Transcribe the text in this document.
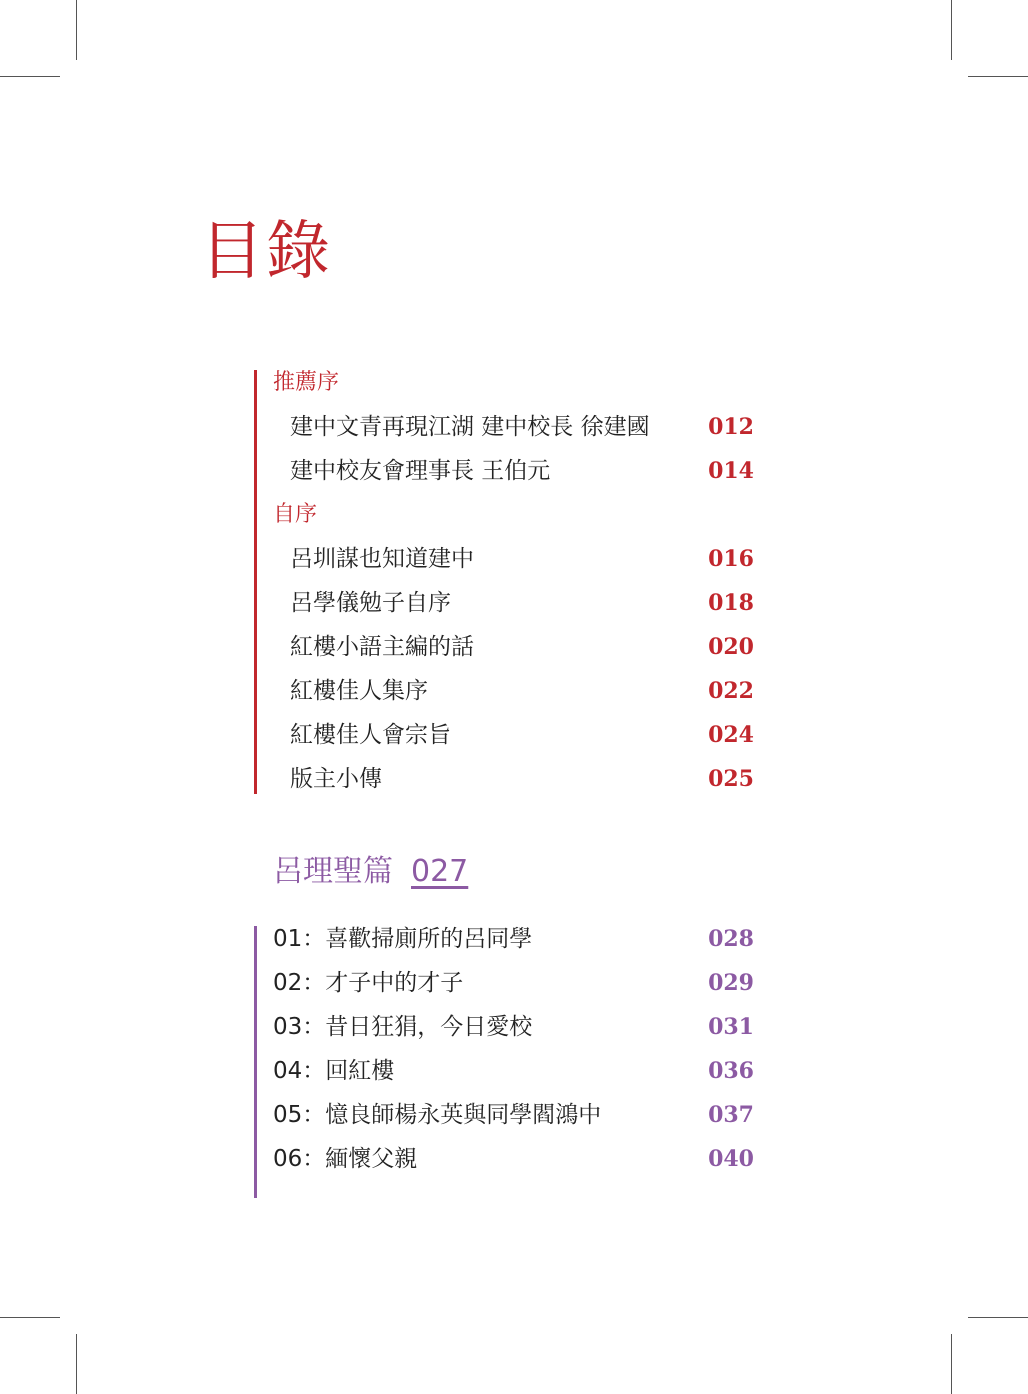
目錄
推薦序
建中文青再現江湖 建中校長 徐建國	012
建中校友會理事長 王伯元	014
自序
呂圳謀也知道建中	016
呂學儀勉子自序	018
紅樓小語主編的話	020
紅樓佳人集序	022
紅樓佳人會宗旨	024
版主小傳	025
呂理聖篇 027
01：喜歡掃廁所的呂同學	028
02：才子中的才子	029
03：昔日狂狷，今日愛校	031
04：回紅樓	036
05：憶良師楊永英與同學閻鴻中	037
06：緬懷父親	040
